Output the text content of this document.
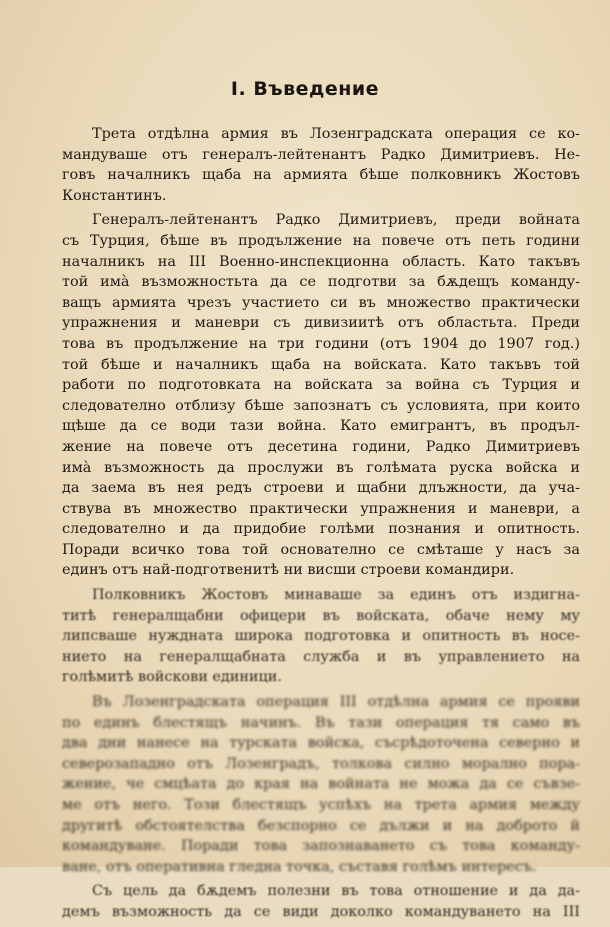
I. Въведение
Трета отдѣлна армия въ Лозенградската операция се ко-
мандуваше отъ генералъ-лейтенантъ Радко Димитриевъ. Не-
говъ началникъ щаба на армията бѣше полковникъ Жостовъ
Константинъ.
Генералъ-лейтенантъ Радко Димитриевъ, преди войната
съ Турция, бѣше въ продължение на повече отъ петь години
началникъ на III Военно-инспекционна область. Като такъвъ
той имà възможностьта да се подготви за бѫдещъ команду-
ващъ армията чрезъ участието си въ множество практически
упражнения и маневри съ дивизиитѣ отъ областьта. Преди
това въ продължение на три години (отъ 1904 до 1907 год.)
той бѣше и началникъ щаба на войската. Като такъвъ той
работи по подготовката на войската за война съ Турция и
следователно отблизу бѣше запознатъ съ условията, при които
щѣше да се води тази война. Като емигрантъ, въ продъл-
жение на повече отъ десетина години, Радко Димитриевъ
имà възможность да прослужи въ голѣмата руска войска и
да заема въ нея редъ строеви и щабни длъжности, да уча-
ствува въ множество практически упражнения и маневри, а
следователно и да придобие голѣми познания и опитность.
Поради всичко това той основателно се смѣташе у насъ за
единъ отъ най-подготвенитѣ ни висши строеви командири.
Полковникъ Жостовъ минаваше за единъ отъ издигна-
титѣ генералщабни офицери въ войската, обаче нему му
липсваше нуждната широка подготовка и опитность въ носе-
нието на генералщабната служба и въ управлението на
голѣмитѣ войскови единици.
Въ Лозенградската операция III отдѣлна армия се прояви
по единъ блестящъ начинъ. Въ тази операция тя само въ
два дни нанесе на турската войска, съсрѣдоточена северно и
северозападно отъ Лозенградъ, толкова силно морално пора-
жение, че смцѣата до края на войната не можа да се съвзе-
ме отъ него. Този блестящъ успѣхъ на трета армия между
другитѣ обстоятелства безспорно се дължи и на доброто й
командуване. Поради това запознаването съ това команду-
ване, отъ оперативна гледна точка, съставя голѣмъ интересъ.
Съ цель да бѫдемъ полезни въ това отношение и да да-
демъ възможность да се види доколко командуването на III
